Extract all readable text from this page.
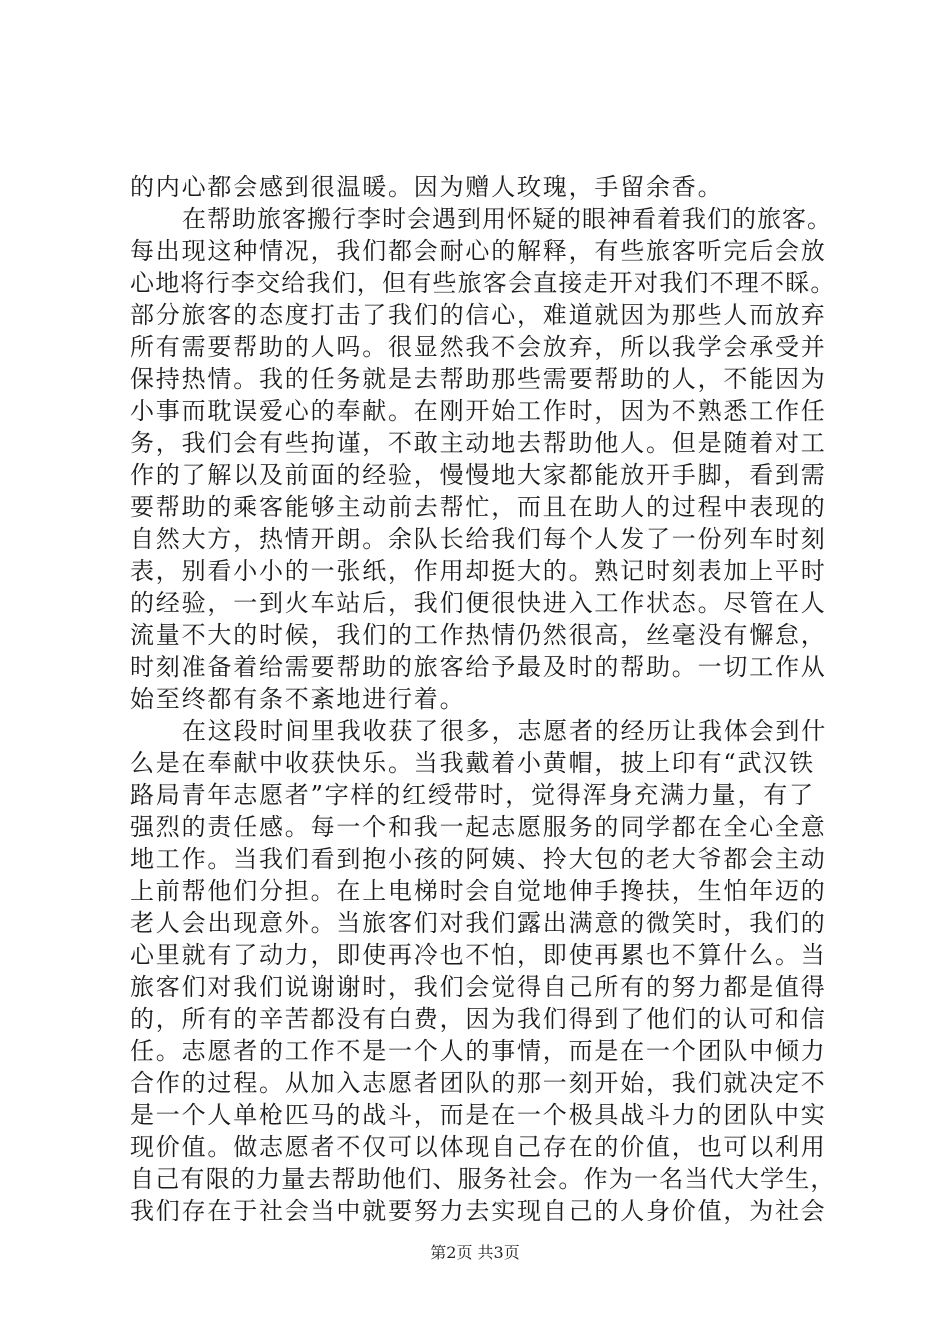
的内心都会感到很温暖。因为赠人玫瑰，手留余香。
在帮助旅客搬行李时会遇到用怀疑的眼神看着我们的旅客。
每出现这种情况，我们都会耐心的解释，有些旅客听完后会放
心地将行李交给我们，但有些旅客会直接走开对我们不理不睬。
部分旅客的态度打击了我们的信心，难道就因为那些人而放弃
所有需要帮助的人吗。很显然我不会放弃，所以我学会承受并
保持热情。我的任务就是去帮助那些需要帮助的人，不能因为
小事而耽误爱心的奉献。在刚开始工作时，因为不熟悉工作任
务，我们会有些拘谨，不敢主动地去帮助他人。但是随着对工
作的了解以及前面的经验，慢慢地大家都能放开手脚，看到需
要帮助的乘客能够主动前去帮忙，而且在助人的过程中表现的
自然大方，热情开朗。余队长给我们每个人发了一份列车时刻
表，别看小小的一张纸，作用却挺大的。熟记时刻表加上平时
的经验，一到火车站后，我们便很快进入工作状态。尽管在人
流量不大的时候，我们的工作热情仍然很高，丝毫没有懈怠，
时刻准备着给需要帮助的旅客给予最及时的帮助。一切工作从
始至终都有条不紊地进行着。
在这段时间里我收获了很多，志愿者的经历让我体会到什
么是在奉献中收获快乐。当我戴着小黄帽，披上印有“武汉铁
路局青年志愿者”字样的红绶带时，觉得浑身充满力量，有了
强烈的责任感。每一个和我一起志愿服务的同学都在全心全意
地工作。当我们看到抱小孩的阿姨、拎大包的老大爷都会主动
上前帮他们分担。在上电梯时会自觉地伸手搀扶，生怕年迈的
老人会出现意外。当旅客们对我们露出满意的微笑时，我们的
心里就有了动力，即使再冷也不怕，即使再累也不算什么。当
旅客们对我们说谢谢时，我们会觉得自己所有的努力都是值得
的，所有的辛苦都没有白费，因为我们得到了他们的认可和信
任。志愿者的工作不是一个人的事情，而是在一个团队中倾力
合作的过程。从加入志愿者团队的那一刻开始，我们就决定不
是一个人单枪匹马的战斗，而是在一个极具战斗力的团队中实
现价值。做志愿者不仅可以体现自己存在的价值，也可以利用
自己有限的力量去帮助他们、服务社会。作为一名当代大学生，
我们存在于社会当中就要努力去实现自己的人身价值，为社会
第2页 共3页
